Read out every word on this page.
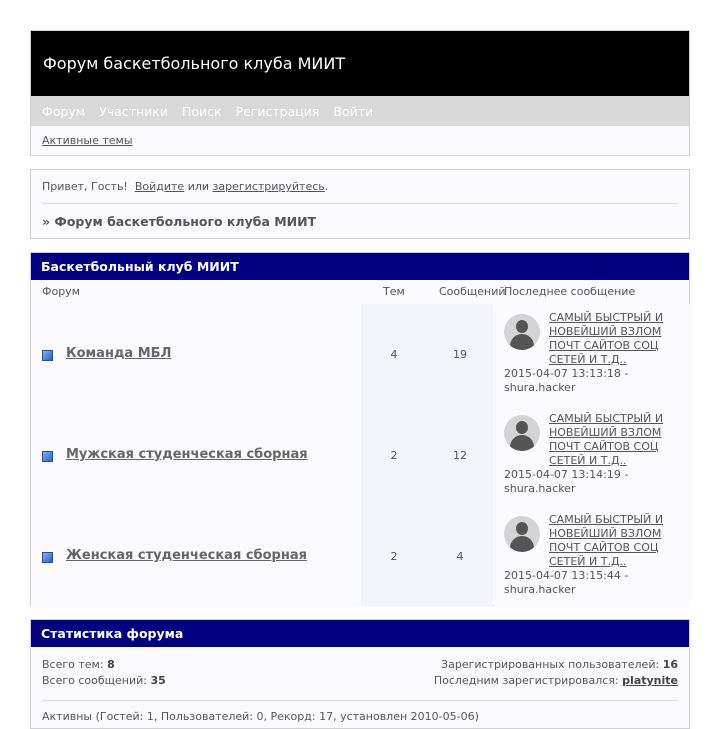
Форум баскетбольного клуба МИИТ
Форум Участники Поиск Регистрация Войти
Активные темы
Привет, Гость! Войдите или зарегистрируйтесь.
» Форум баскетбольного клуба МИИТ
Баскетбольный клуб МИИТ
Форум	Тем	Сообщений
Последнее сообщение
Команда МБЛ	4	19
САМЫЙ БЫСТРЫЙ И НОВЕЙШИЙ ВЗЛОМ ПОЧТ САЙТОВ СОЦ СЕТЕЙ И Т.Д..
2015-04-07 13:13:18 -
shura.hacker
Мужская студенческая сборная	2	12
САМЫЙ БЫСТРЫЙ И НОВЕЙШИЙ ВЗЛОМ ПОЧТ САЙТОВ СОЦ СЕТЕЙ И Т.Д..
2015-04-07 13:14:19 -
shura.hacker
Женская студенческая сборная	2	4
САМЫЙ БЫСТРЫЙ И НОВЕЙШИЙ ВЗЛОМ ПОЧТ САЙТОВ СОЦ СЕТЕЙ И Т.Д..
2015-04-07 13:15:44 -
shura.hacker
Статистика форума
Всего тем: 8	Зарегистрированных пользователей: 16
Всего сообщений: 35	Последним зарегистрировался: platynite
Активны (Гостей: 1, Пользователей: 0, Рекорд: 17, установлен 2010-05-06)
